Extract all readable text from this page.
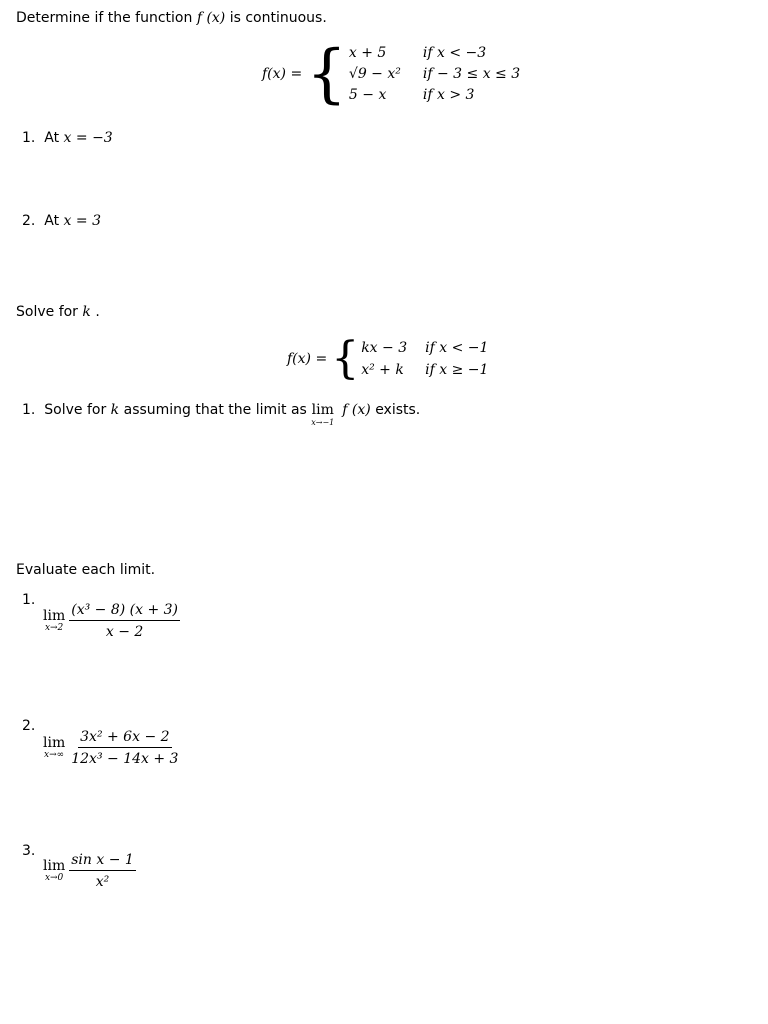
Determine if the function f (x) is continuous.
f(x) = { x + 5	if x < −3
√9 − x² if − 3 ≤ x ≤ 3
5 − x	if x > 3
1. At x = −3
2. At x = 3
Solve for k .
f(x) = { kx − 3 if x < −1
x² + k if x ≥ −1
1.
Solve for
k
assuming that the limit as
lim
x→−1
f (x)
exists.
Evaluate each limit.
1.
lim
$x\to 2 \frac{\text{(x³ − 8) (x + 3)}}{x - 2}$
2.
lim
$x\to\infty \frac{\text{3x² + 6x − 2}}{\text{12x³ − 14x + 3}}$
3.
lim
$x\to 0 \frac{\text{sin x − 1}}{\text{x²}}$
